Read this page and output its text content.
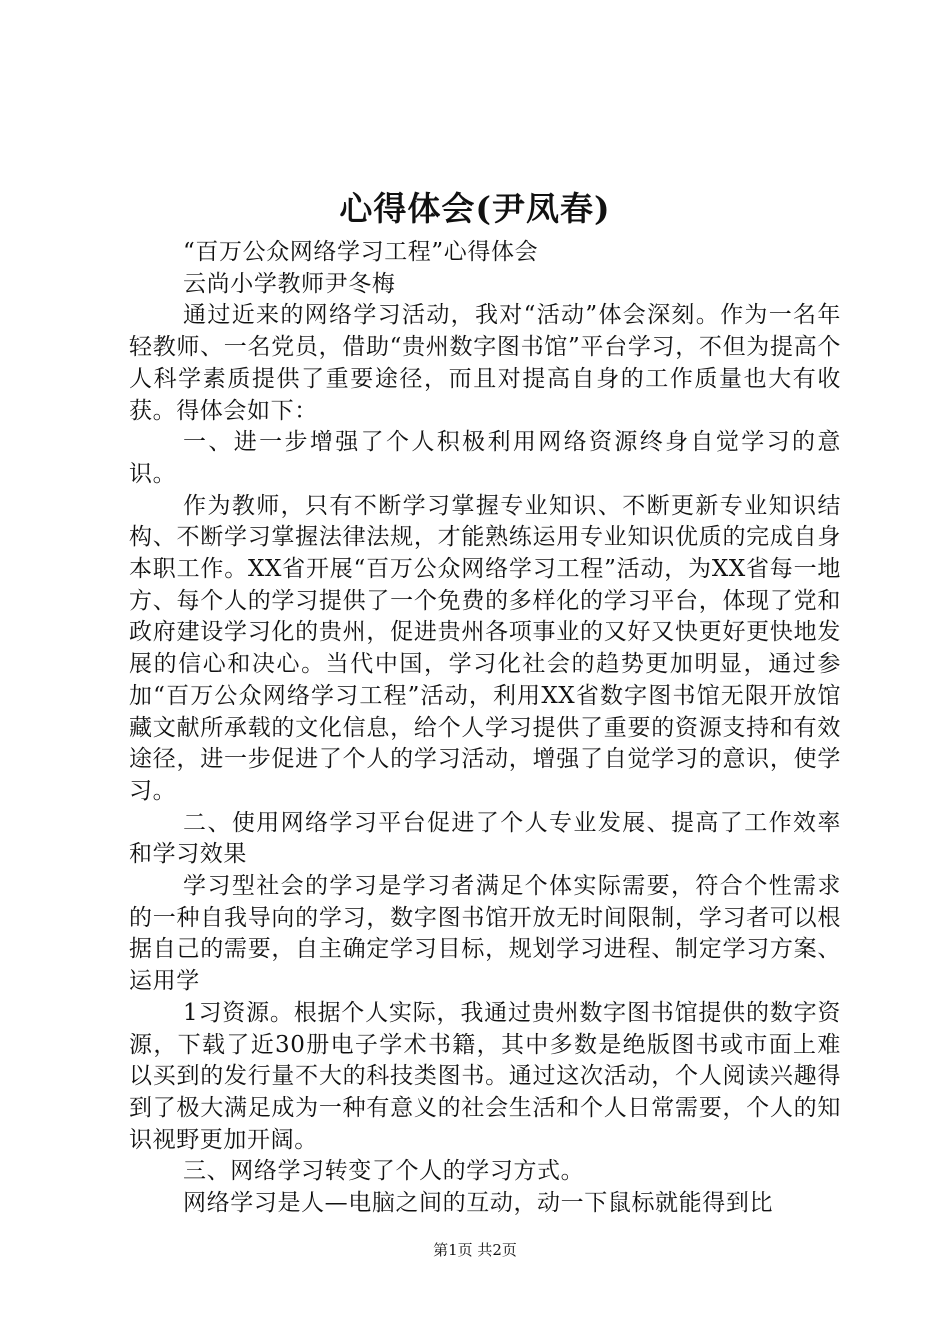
心得体会(尹凤春)

“百万公众网络学习工程”心得体会

云尚小学教师尹冬梅

通过近来的网络学习活动，我对“活动”体会深刻。作为一名年轻教师、一名党员，借助“贵州数字图书馆”平台学习，不但为提高个人科学素质提供了重要途径，而且对提高自身的工作质量也大有收获。得体会如下：

一、进一步增强了个人积极利用网络资源终身自觉学习的意识。

作为教师，只有不断学习掌握专业知识、不断更新专业知识结构、不断学习掌握法律法规，才能熟练运用专业知识优质的完成自身本职工作。XX省开展“百万公众网络学习工程”活动，为XX省每一地方、每个人的学习提供了一个免费的多样化的学习平台，体现了党和政府建设学习化的贵州，促进贵州各项事业的又好又快更好更快地发展的信心和决心。当代中国，学习化社会的趋势更加明显，通过参加“百万公众网络学习工程”活动，利用XX省数字图书馆无限开放馆藏文献所承载的文化信息，给个人学习提供了重要的资源支持和有效途径，进一步促进了个人的学习活动，增强了自觉学习的意识，使学习。

二、使用网络学习平台促进了个人专业发展、提高了工作效率和学习效果

学习型社会的学习是学习者满足个体实际需要，符合个性需求的一种自我导向的学习，数字图书馆开放无时间限制，学习者可以根据自己的需要，自主确定学习目标，规划学习进程、制定学习方案、运用学

1习资源。根据个人实际，我通过贵州数字图书馆提供的数字资源，下载了近30册电子学术书籍，其中多数是绝版图书或市面上难以买到的发行量不大的科技类图书。通过这次活动，个人阅读兴趣得到了极大满足成为一种有意义的社会生活和个人日常需要，个人的知识视野更加开阔。

三、网络学习转变了个人的学习方式。

网络学习是人—电脑之间的互动，动一下鼠标就能得到比

第1页 共2页
